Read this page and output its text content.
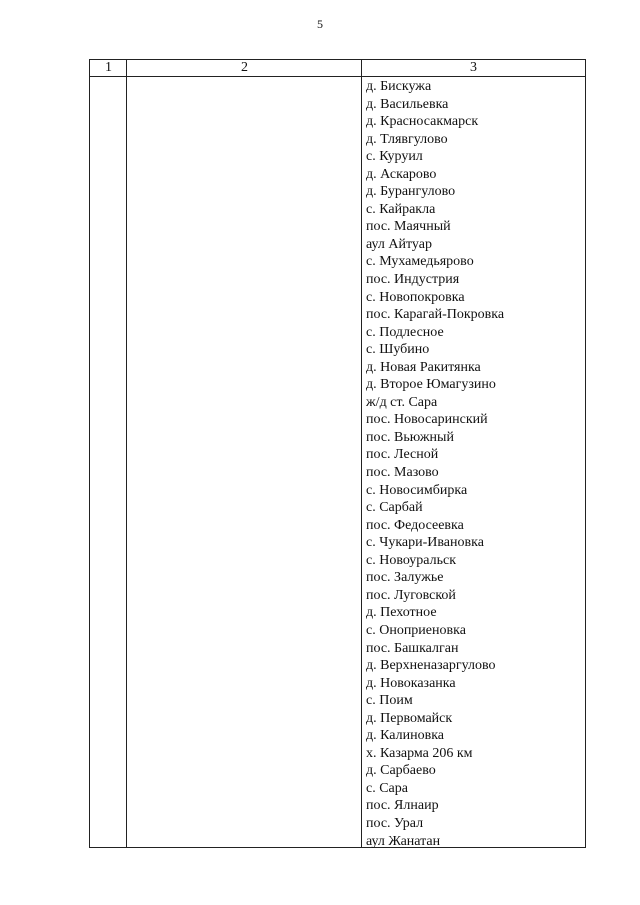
5
1	2	3
д. Бискужа
д. Васильевка
д. Красносакмарск
д. Тлявгулово
с. Куруил
д. Аскарово
д. Бурангулово
с. Кайракла
пос. Маячный
аул Айтуар
с. Мухамедьярово
пос. Индустрия
с. Новопокровка
пос. Карагай-Покровка
с. Подлесное
с. Шубино
д. Новая Ракитянка
д. Второе Юмагузино
ж/д ст. Сара
пос. Новосаринский
пос. Вьюжный
пос. Лесной
пос. Мазово
с. Новосимбирка
с. Сарбай
пос. Федосеевка
с. Чукари-Ивановка
с. Новоуральск
пос. Залужье
пос. Луговской
д. Пехотное
с. Оноприеновка
пос. Башкалган
д. Верхненазаргулово
д. Новоказанка
с. Поим
д. Первомайск
д. Калиновка
х. Казарма 206 км
д. Сарбаево
с. Сара
пос. Ялнаир
пос. Урал
аул Жанатан
